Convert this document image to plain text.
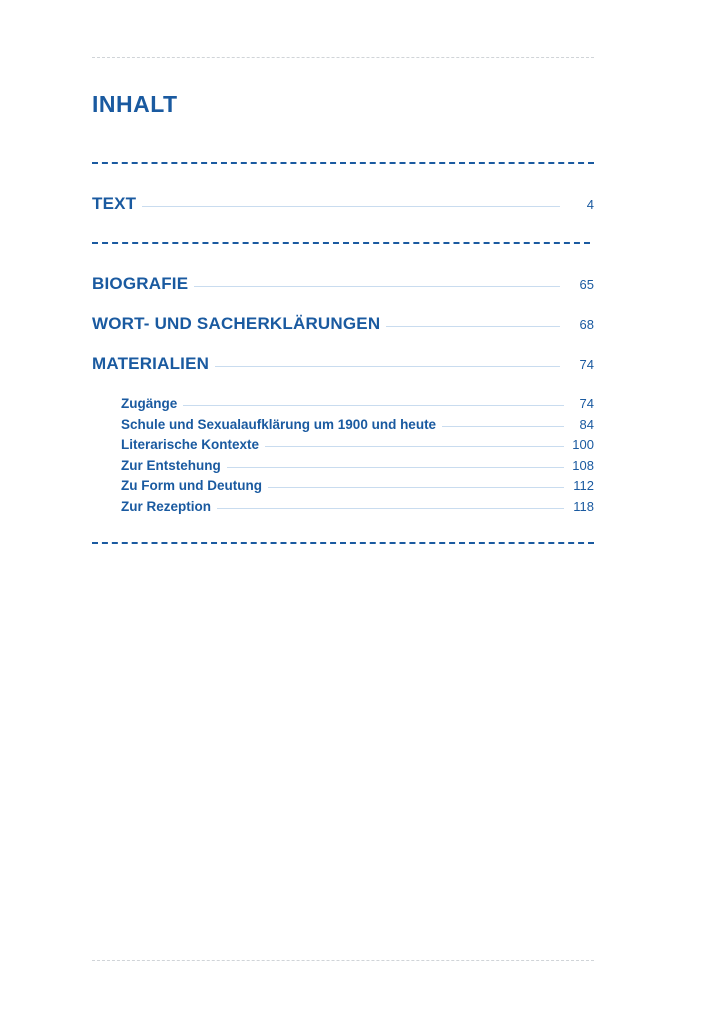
INHALT
TEXT	4
BIOGRAFIE	65
WORT- UND SACHERKLÄRUNGEN	68
MATERIALIEN	74
Zugänge	74
Schule und Sexualaufklärung um 1900 und heute	84
Literarische Kontexte	100
Zur Entstehung	108
Zu Form und Deutung	112
Zur Rezeption	118
